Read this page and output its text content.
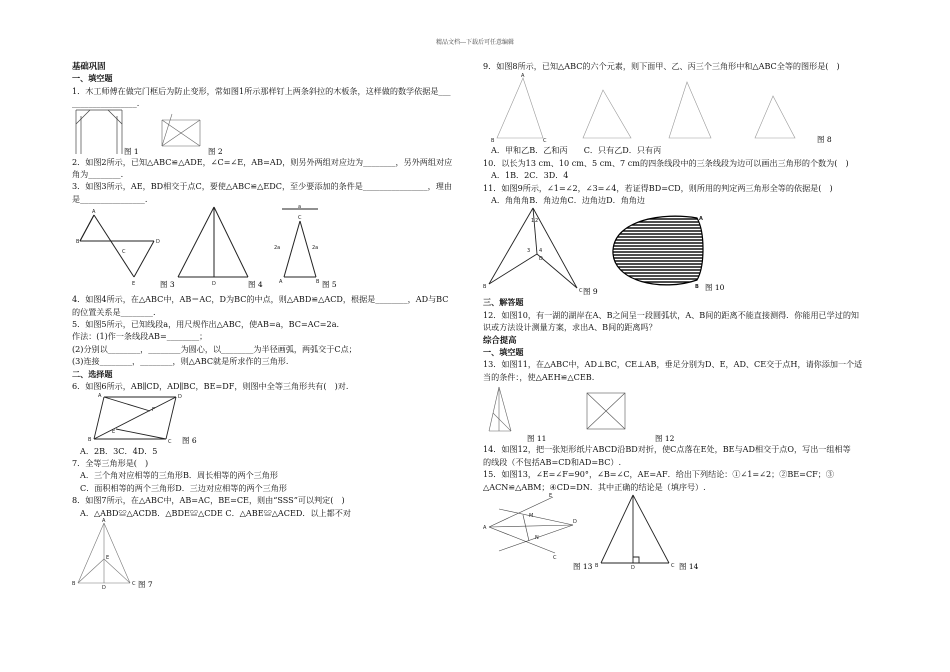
精品文档---下载后可任意编辑

基础巩固

一、填空题

1．木工师傅在做完门框后为防止变形，常如图1所示那样钉上两条斜拉的木板条，这样做的数学依据是___

________________.

图 1	图 2

2．如图2所示，已知△ABC≌△ADE，∠C=∠E，AB=AD，则另外两组对应边为________，另外两组对应

角为________.

3．如图3所示，AE，BD相交于点C，要使△ABC≌△EDC，至少要添加的条件是________________，理由

是________________.

B
A
D
E
C
图 3	D	图 4
a
C
2a	2a
A	B 图 5

4．如图4所示，在△ABC中，AB＝AC，D为BC的中点，则△ABD≌△ACD，根据是________，AD与BC

的位置关系是________.

5．如图5所示，已知线段a，用尺规作出△ABC，使AB=a，BC=AC=2a.

作法：(1)作一条线段AB=________；

(2)分别以________，________为圆心，以________为半径画弧，两弧交于C点；

(3)连接________，________，则△ABC就是所求作的三角形.

二、选择题

6．如图6所示，AB∥CD，AD∥BC，BE=DF，则图中全等三角形共有(　)对.

B
A	D
C
F
E
图 6

A．2B．3C．4D．5

7．全等三角形是(　)

A．三个角对应相等的三角形B．周长相等的两个三角形

C．面积相等的两个三角形D．三边对应相等的两个三角形

8．如图7所示，在△ABC中，AB=AC，BE=CE，则由“SSS”可以判定(　)

A．△ABD≌△ACDB．△BDE≌△CDE C．△ABE≌△ACED．以上都不对

A
B	C
D
E
图 7

9．如图8所示，已知△ABC的六个元素，则下面甲、乙、丙三个三角形中和△ABC全等的图形是(　)

A
B	C	图 8

A．甲和乙B．乙和丙　　C．只有乙D．只有丙

10．以长为13 cm、10 cm、5 cm、7 cm的四条线段中的三条线段为边可以画出三角形的个数为(　)

A．1B．2C．3D．4

11．如图9所示，∠1=∠2，∠3=∠4，若证得BD=CD，则所用的判定两三角形全等的依据是(　)

A．角角角B．角边角C．边角边D．角角边

1 2
3 4
B
C
D
图 9
A
B 图 10

三、解答题

12．如图10，有一湖的湖岸在A、B之间呈一段圆弧状，A、B间的距离不能直接测得．你能用已学过的知

识或方法设计测量方案，求出A、B间的距离吗？

综合提高

一、填空题

13．如图11，在△ABC中，AD⊥BC，CE⊥AB，垂足分别为D、E，AD、CE交于点H，请你添加一个适

当的条件：，使△AEH≌△CEB.

图 11	图 12

14．如图12，把一张矩形纸片ABCD沿BD对折，使C点落在E处，BE与AD相交于点O，写出一组相等

的线段（不包括AB=CD和AD=BC）.

15．如图13，∠E=∠F=90°，∠B=∠C，AE=AF．给出下列结论：①∠1=∠2；②BE=CF；③

△ACN≌△ABM；④CD=DN．其中正确的结论是（填序号）.

A
E
D
C
M
N
图 13 B	D	C 图 14
